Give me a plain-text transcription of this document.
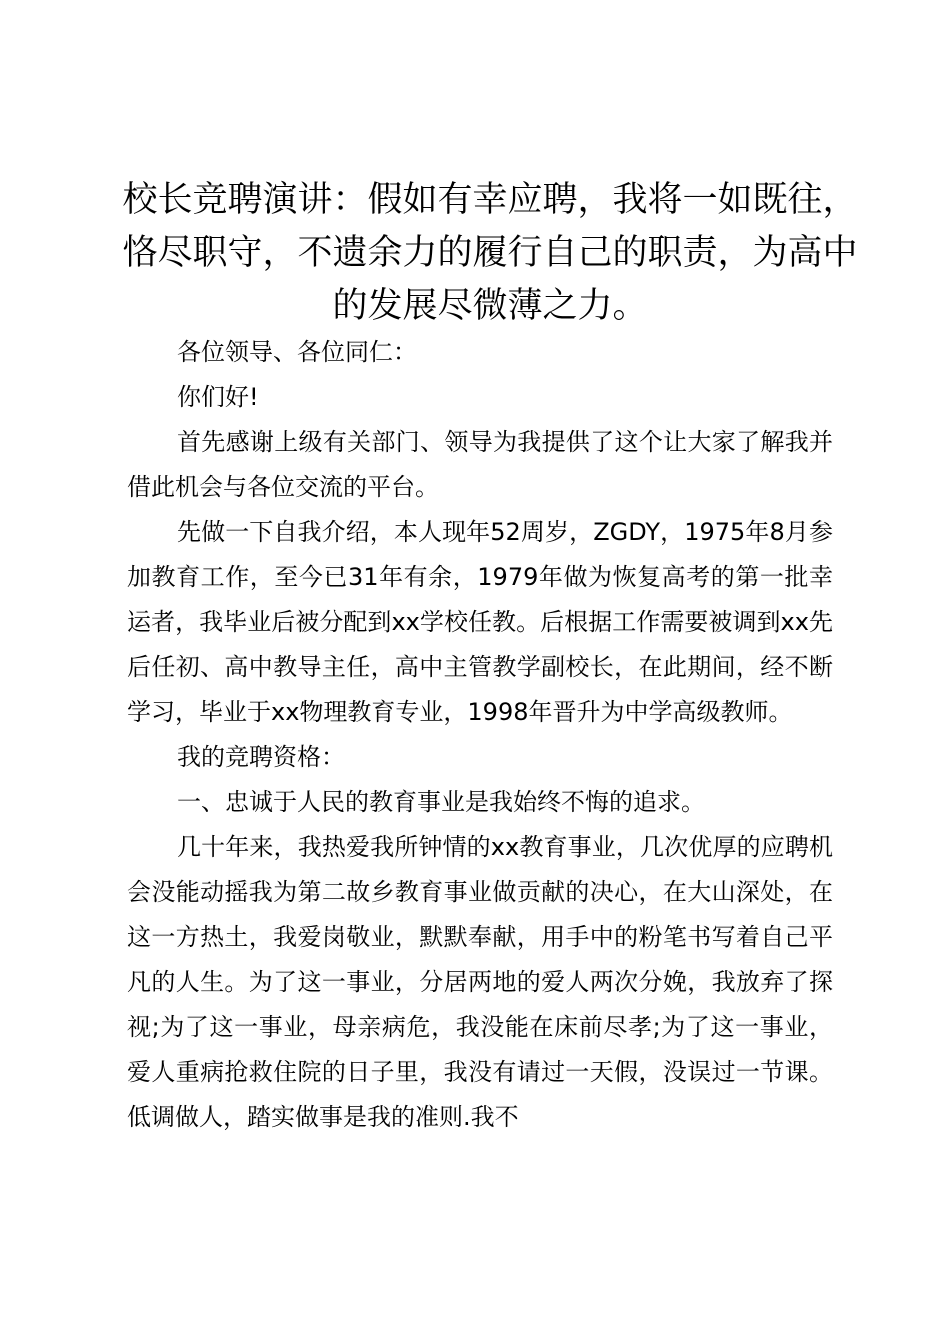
校长竞聘演讲：假如有幸应聘，我将一如既往，恪尽职守，不遗余力的履行自己的职责，为高中的发展尽微薄之力。

各位领导、各位同仁：

你们好!

首先感谢上级有关部门、领导为我提供了这个让大家了解我并借此机会与各位交流的平台。

先做一下自我介绍，本人现年52周岁，ZGDY，1975年8月参加教育工作，至今已31年有余，1979年做为恢复高考的第一批幸运者，我毕业后被分配到xx学校任教。后根据工作需要被调到xx先后任初、高中教导主任，高中主管教学副校长，在此期间，经不断学习，毕业于xx物理教育专业，1998年晋升为中学高级教师。

我的竞聘资格：

一、忠诚于人民的教育事业是我始终不悔的追求。

几十年来，我热爱我所钟情的xx教育事业，几次优厚的应聘机会没能动摇我为第二故乡教育事业做贡献的决心，在大山深处，在这一方热土，我爱岗敬业，默默奉献，用手中的粉笔书写着自己平凡的人生。为了这一事业，分居两地的爱人两次分娩，我放弃了探视;为了这一事业，母亲病危，我没能在床前尽孝;为了这一事业，爱人重病抢救住院的日子里，我没有请过一天假，没误过一节课。低调做人，踏实做事是我的准则.我不
